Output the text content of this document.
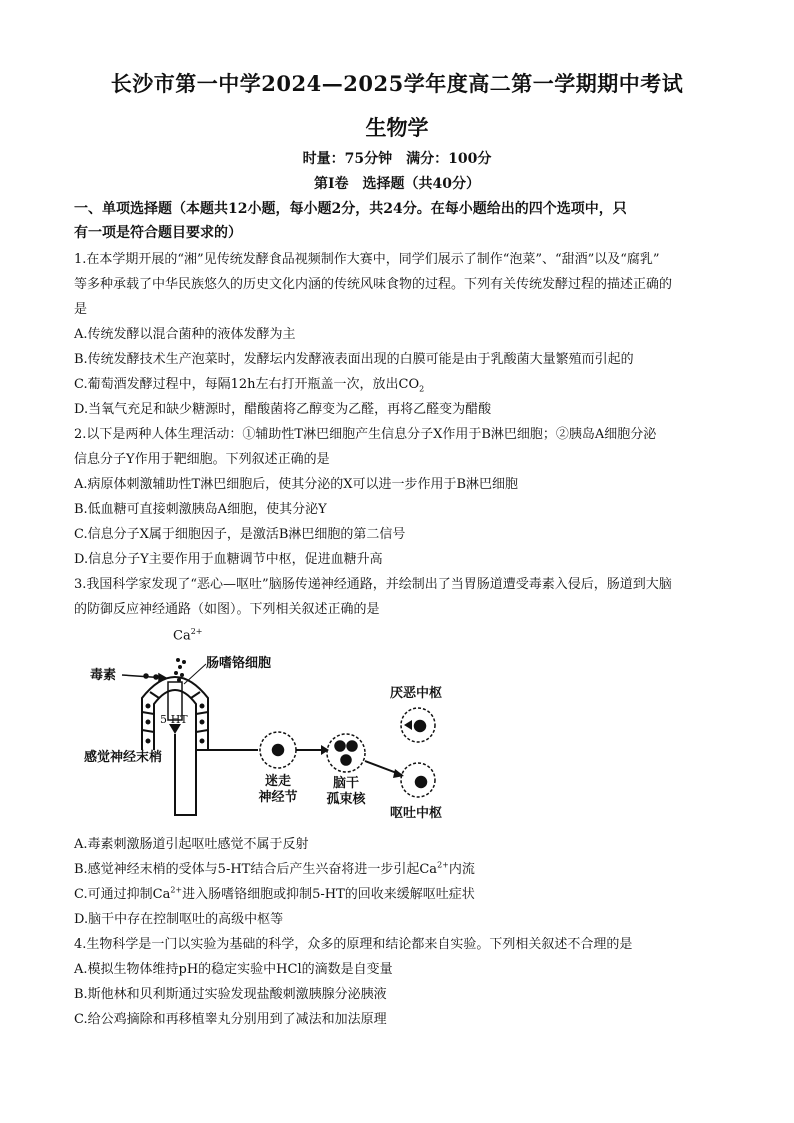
长沙市第一中学2024—2025学年度高二第一学期期中考试
生物学
时量：75分钟　满分：100分
第Ⅰ卷　选择题（共40分）
一、单项选择题（本题共12小题，每小题2分，共24分。在每小题给出的四个选项中，只
有一项是符合题目要求的）
1.在本学期开展的“湘”见传统发酵食品视频制作大赛中，同学们展示了制作“泡菜”、“甜酒”以及“腐乳”
等多种承载了中华民族悠久的历史文化内涵的传统风味食物的过程。下列有关传统发酵过程的描述正确的
是
A.传统发酵以混合菌种的液体发酵为主
B.传统发酵技术生产泡菜时，发酵坛内发酵液表面出现的白膜可能是由于乳酸菌大量繁殖而引起的
C.葡萄酒发酵过程中，每隔12h左右打开瓶盖一次，放出$CO_2$
D.当氧气充足和缺少糖源时，醋酸菌将乙醇变为乙醛，再将乙醛变为醋酸
2.以下是两种人体生理活动：①辅助性T淋巴细胞产生信息分子X作用于B淋巴细胞；②胰岛A细胞分泌
信息分子Y作用于靶细胞。下列叙述正确的是
A.病原体刺激辅助性T淋巴细胞后，使其分泌的X可以进一步作用于B淋巴细胞
B.低血糖可直接刺激胰岛A细胞，使其分泌Y
C.信息分子X属于细胞因子，是激活B淋巴细胞的第二信号
D.信息分子Y主要作用于血糖调节中枢，促进血糖升高
3.我国科学家发现了“恶心—呕吐”脑肠传递神经通路，并绘制出了当胃肠道遭受毒素入侵后，肠道到大脑
的防御反应神经通路（如图）。下列相关叙述正确的是
$Ca^{2+}$
毒素
肠嗜铬细胞
5-HT
感觉神经末梢
迷走
神经节
脑干
孤束核
厌恶中枢
呕吐中枢
A.毒素刺激肠道引起呕吐感觉不属于反射
B.感觉神经末梢的受体与5-HT结合后产生兴奋将进一步引起$Ca^{2+}$内流
C.可通过抑制$Ca^{2+}$进入肠嗜铬细胞或抑制5-HT的回收来缓解呕吐症状
D.脑干中存在控制呕吐的高级中枢等
4.生物科学是一门以实验为基础的科学，众多的原理和结论都来自实验。下列相关叙述不合理的是
A.模拟生物体维持pH的稳定实验中HCl的滴数是自变量
B.斯他林和贝利斯通过实验发现盐酸刺激胰腺分泌胰液
C.给公鸡摘除和再移植睾丸分别用到了减法和加法原理
